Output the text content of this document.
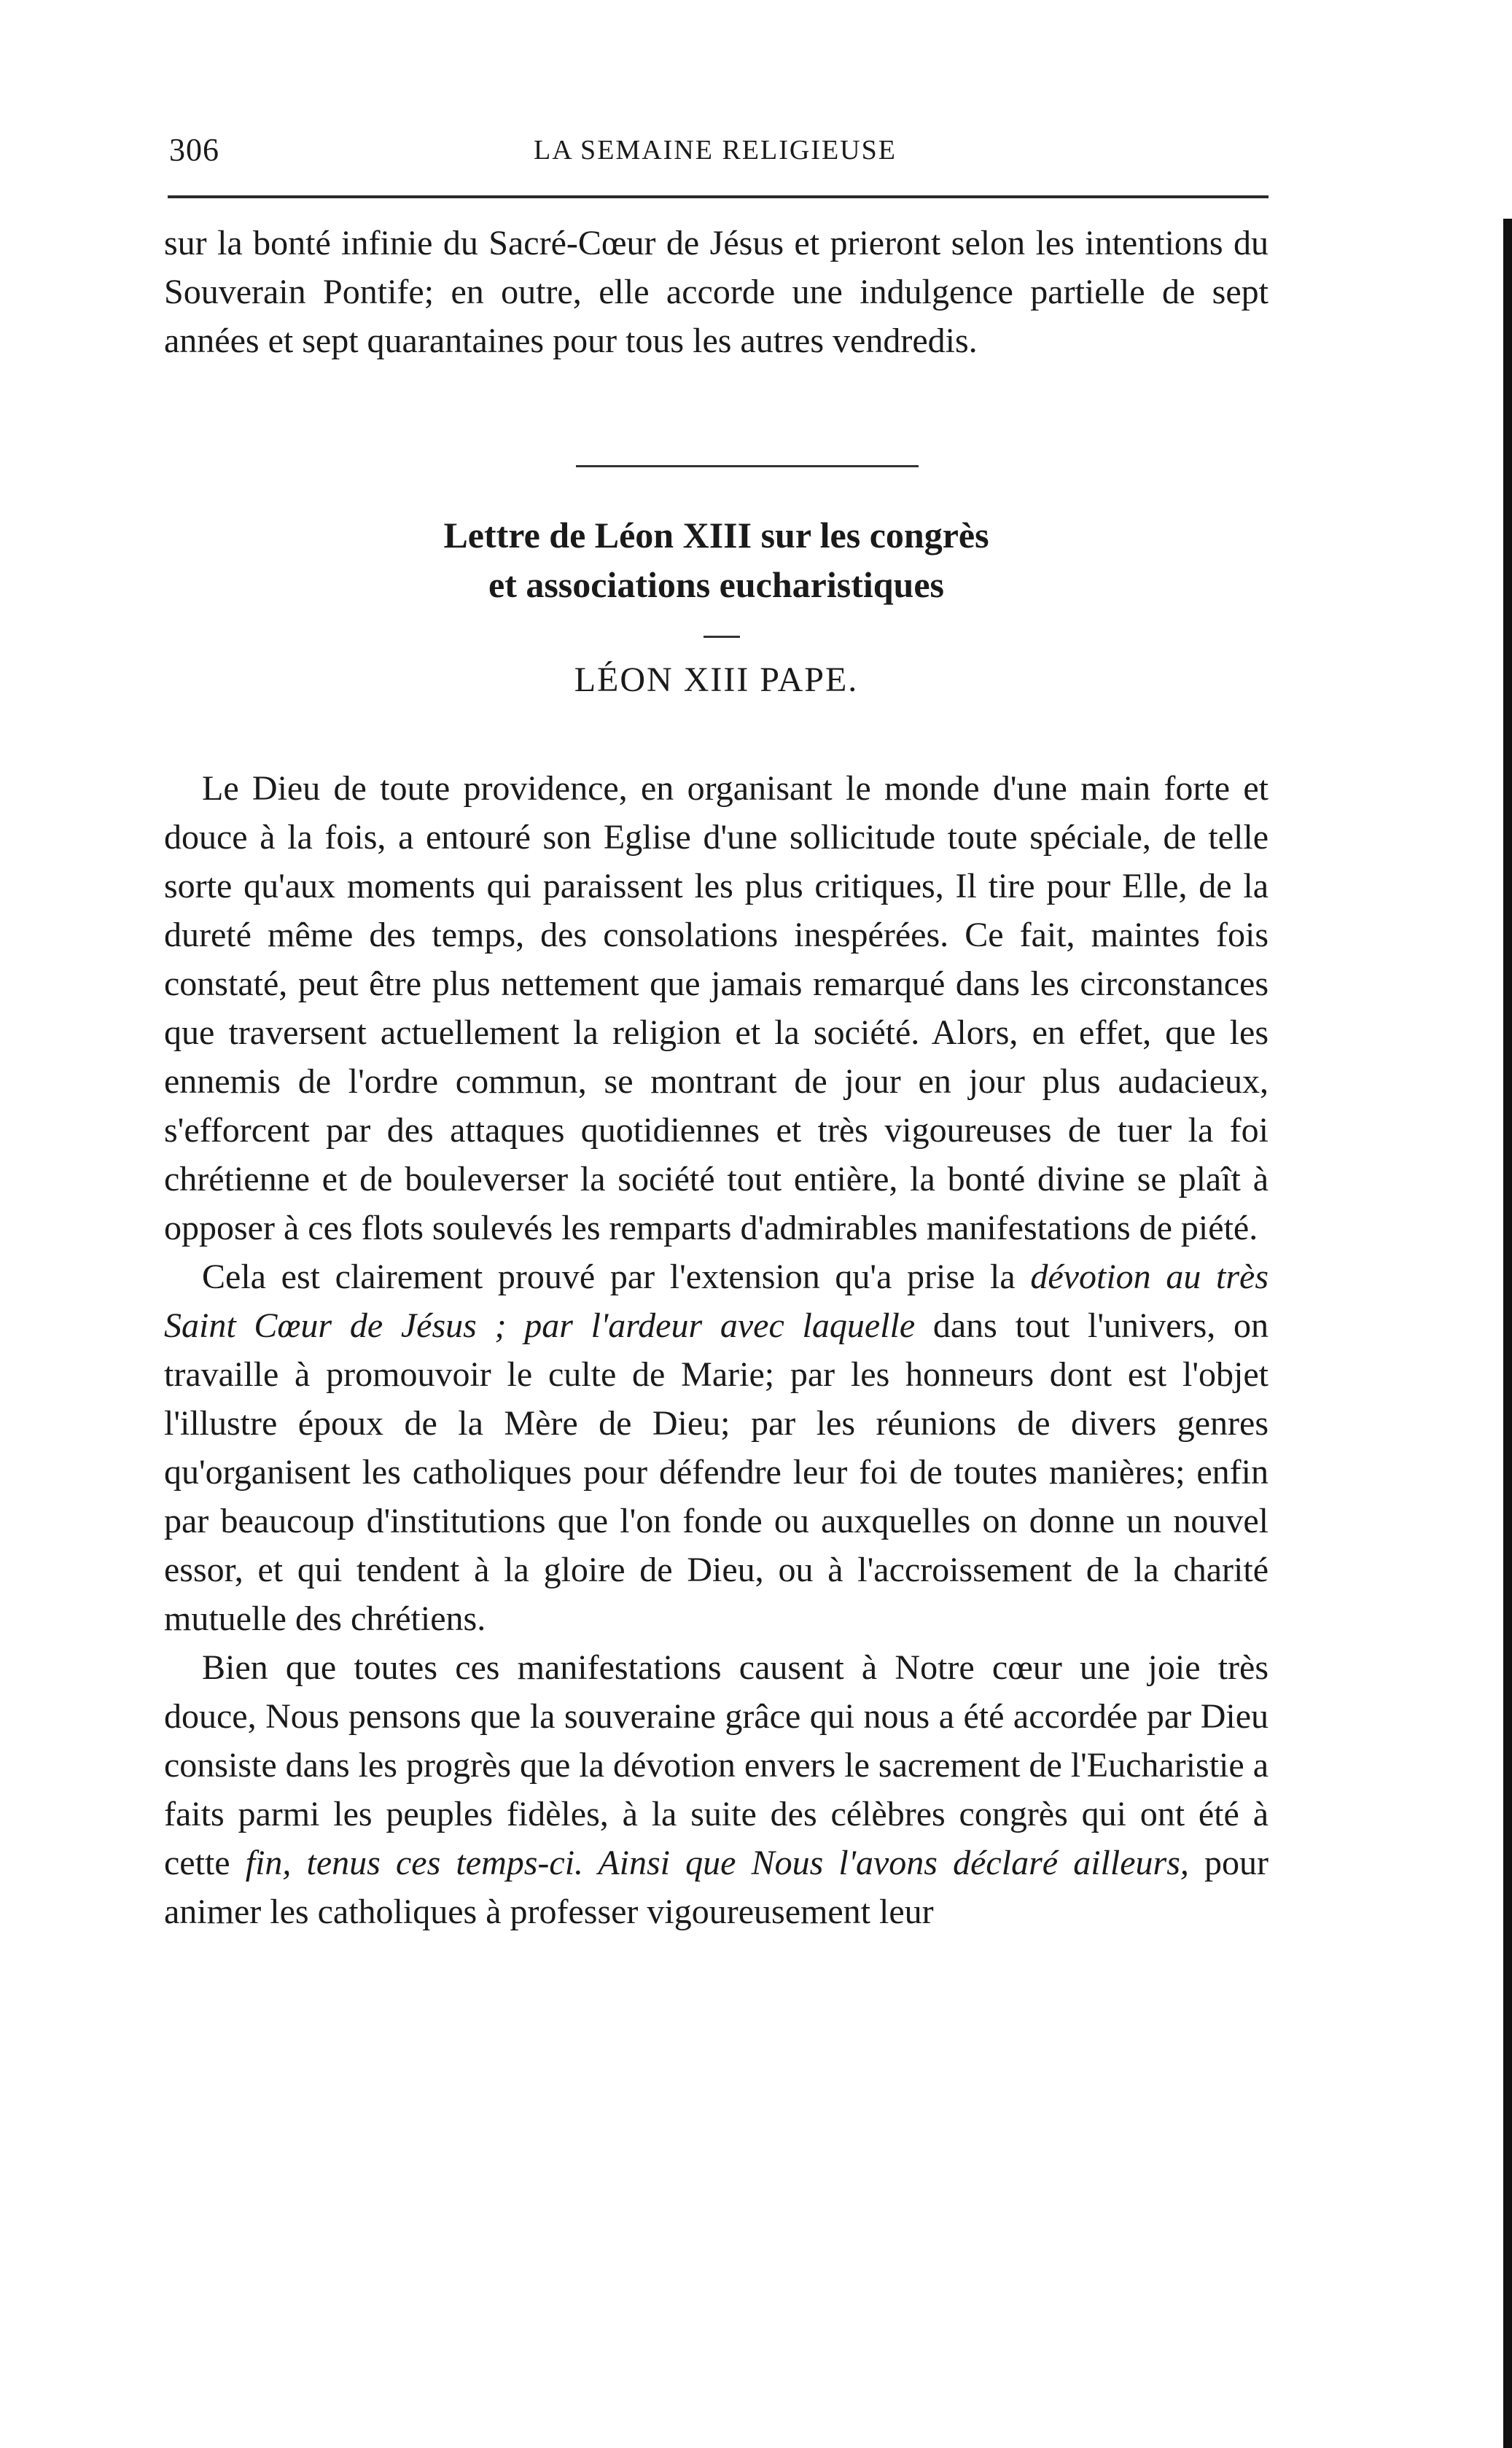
306	LA SEMAINE RELIGIEUSE

sur la bonté infinie du Sacré-Cœur de Jésus et prieront selon les intentions du Souverain Pontife; en outre, elle accorde une indulgence partielle de sept années et sept quarantaines pour tous les autres vendredis.

Lettre de Léon XIII sur les congrès
et associations eucharistiques
LÉON XIII PAPE.

Le Dieu de toute providence, en organisant le monde d'une main forte et douce à la fois, a entouré son Eglise d'une sollicitude toute spéciale, de telle sorte qu'aux moments qui paraissent les plus critiques, Il tire pour Elle, de la dureté même des temps, des consolations inespérées. Ce fait, maintes fois constaté, peut être plus nettement que jamais remarqué dans les circonstances que traversent actuellement la religion et la société. Alors, en effet, que les ennemis de l'ordre commun, se montrant de jour en jour plus audacieux, s'efforcent par des attaques quotidiennes et très vigoureuses de tuer la foi chrétienne et de bouleverser la société tout entière, la bonté divine se plaît à opposer à ces flots soulevés les remparts d'admirables manifestations de piété.

Cela est clairement prouvé par l'extension qu'a prise la dévotion au très Saint Cœur de Jésus ; par l'ardeur avec laquelle dans tout l'univers, on travaille à promouvoir le culte de Marie; par les honneurs dont est l'objet l'illustre époux de la Mère de Dieu; par les réunions de divers genres qu'organisent les catholiques pour défendre leur foi de toutes manières; enfin par beaucoup d'institutions que l'on fonde ou auxquelles on donne un nouvel essor, et qui tendent à la gloire de Dieu, ou à l'accroissement de la charité mutuelle des chrétiens.

Bien que toutes ces manifestations causent à Notre cœur une joie très douce, Nous pensons que la souveraine grâce qui nous a été accordée par Dieu consiste dans les progrès que la dévotion envers le sacrement de l'Eucharistie a faits parmi les peuples fidèles, à la suite des célèbres congrès qui ont été à cette fin, tenus ces temps-ci. Ainsi que Nous l'avons déclaré ailleurs, pour animer les catholiques à professer vigoureusement leur
